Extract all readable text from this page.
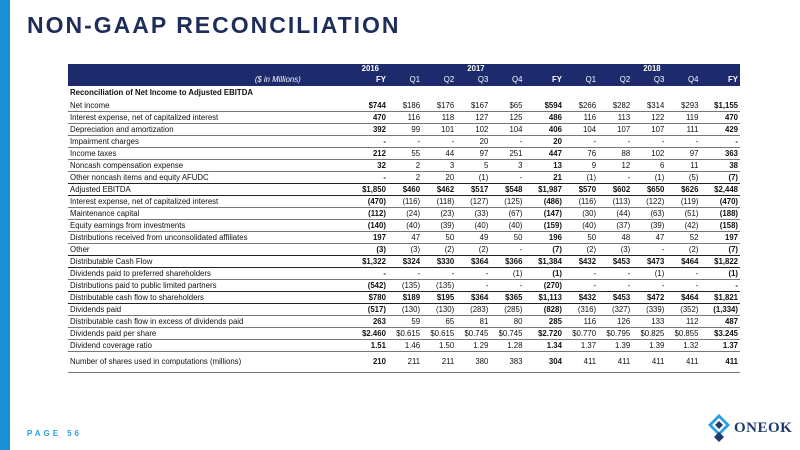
NON-GAAP RECONCILIATION
	2016	2017					2018				
($ in Millions)	FY	Q1	Q2	Q3	Q4	FY	Q1	Q2	Q3	Q4	FY
Reconciliation of Net Income to Adjusted EBITDA											
Net income	$744	$186	$176	$167	$65	$594	$266	$282	$314	$293	$1,155
Interest expense, net of capitalized interest	470	116	118	127	125	486	116	113	122	119	470
Depreciation and amortization	392	99	101	102	104	406	104	107	107	111	429
Impairment charges	-	-	-	20	-	20	-	-	-	-	-
Income taxes	212	55	44	97	251	447	76	88	102	97	363
Noncash compensation expense	32	2	3	5	3	13	9	12	6	11	38
Other noncash items and equity AFUDC	-	2	20	(1)	-	21	(1)	-	(1)	(5)	(7)
Adjusted EBITDA	$1,850	$460	$462	$517	$548	$1,987	$570	$602	$650	$626	$2,448
Interest expense, net of capitalized interest	(470)	(116)	(118)	(127)	(125)	(486)	(116)	(113)	(122)	(119)	(470)
Maintenance capital	(112)	(24)	(23)	(33)	(67)	(147)	(30)	(44)	(63)	(51)	(188)
Equity earnings from investments	(140)	(40)	(39)	(40)	(40)	(159)	(40)	(37)	(39)	(42)	(158)
Distributions received from unconsolidated affiliates	197	47	50	49	50	196	50	48	47	52	197
Other	(3)	(3)	(2)	(2)	-	(7)	(2)	(3)	-	(2)	(7)
Distributable Cash Flow	$1,322	$324	$330	$364	$366	$1,384	$432	$453	$473	$464	$1,822
Dividends paid to preferred shareholders	-	-	-	-	(1)	(1)	-	-	(1)	-	(1)
Distributions paid to public limited partners	(542)	(135)	(135)	-	-	(270)	-	-	-	-	-
Distributable cash flow to shareholders	$780	$189	$195	$364	$365	$1,113	$432	$453	$472	$464	$1,821
Dividends paid	(517)	(130)	(130)	(283)	(285)	(828)	(316)	(327)	(339)	(352)	(1,334)
Distributable cash flow in excess of dividends paid	263	59	65	81	80	285	116	126	133	112	487
Dividends paid per share	$2.460	$0.615	$0.615	$0.745	$0.745	$2.720	$0.770	$0.795	$0.825	$0.855	$3.245
Dividend coverage ratio	1.51	1.46	1.50	1.29	1.28	1.34	1.37	1.39	1.39	1.32	1.37
Number of shares used in computations (millions)	210	211	211	380	383	304	411	411	411	411	411
PAGE 56	ONEOK
